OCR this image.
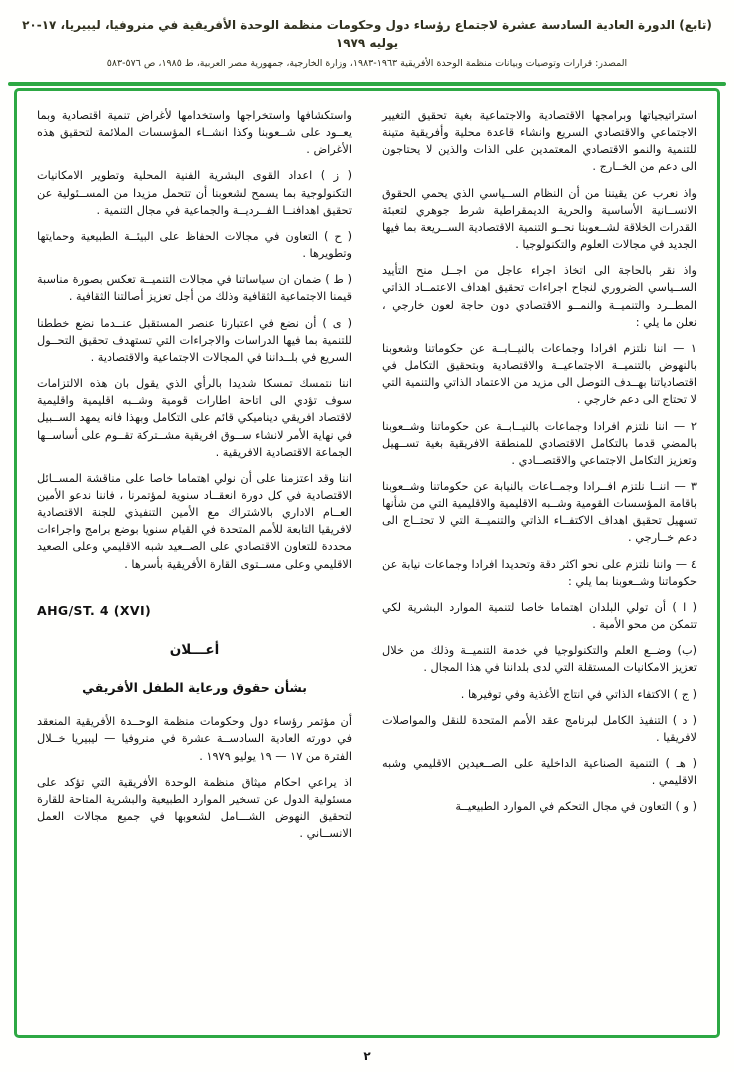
(تابع) الدورة العادية السادسة عشرة لاجتماع رؤساء دول وحكومات منظمة الوحدة الأفريقية في منروفيا، ليبيريا، ١٧-٢٠ يوليه ١٩٧٩
المصدر: قرارات وتوصيات وبيانات منظمة الوحدة الأفريقية ١٩٦٣-١٩٨٣، وزارة الخارجية، جمهورية مصر العربية، ط ١٩٨٥، ص ٥٧٦-٥٨٣

استراتيجياتها وبرامجها الاقتصادية والاجتماعية بغية تحقيق التغيير الاجتماعي والاقتصادي السريع وانشاء قاعدة محلية وأفريقية متينة للتنمية والنمو الاقتصادي المعتمدين على الذات والذين لا يحتاجون الى دعم من الخــارج .

واذ نعرب عن يقيننا من أن النظام الســياسي الذي يحمي الحقوق الانســانية الأساسية والحرية الديمقراطية شرط جوهري لتعبئة القدرات الخلاقة لشــعوبنا نحــو التنمية الاقتصادية الســريعة بما فيها الجديد في مجالات العلوم والتكنولوجيا .

واذ نقر بالحاجة الى اتخاذ اجراء عاجل من اجــل منح التأييد الســياسي الضروري لنجاح اجراءات تحقيق اهداف الاعتمــاد الذاتي المطــرد والتنميــة والنمــو الاقتصادي دون حاجة لعون خارجي ، نعلن ما يلي :

١ — اننا نلتزم افرادا وجماعات بالنيــابــة عن حكوماتنا وشعوبنا بالنهوض بالتنميــة الاجتماعيــة والاقتصادية وبتحقيق التكامل في اقتصادياتنا بهــدف التوصل الى مزيد من الاعتماد الذاتي والتنمية التي لا تحتاج الى دعم خارجي .

٢ — اننا نلتزم افرادا وجماعات بالنيــابــة عن حكوماتنا وشــعوبنا بالمضي قدما بالتكامل الاقتصادي للمنطقة الافريقية بغية تســهيل وتعزيز التكامل الاجتماعي والاقتصــادي .

٣ — اننــا نلتزم افــرادا وجمــاعات بالنيابة عن حكوماتنا وشــعوبنا باقامة المؤسسات القومية وشــبه الاقليمية والاقليمية التي من شأنها تسهيل تحقيق اهداف الاكتفــاء الذاتي والتنميــة التي لا تحتــاج الى دعم خــارجي .

٤ — واننا نلتزم على نحو اكثر دقة وتحديدا افرادا وجماعات نيابة عن حكوماتنا وشــعوبنا بما يلي :

( ا ) أن تولي البلدان اهتماما خاصا لتنمية الموارد البشرية لكي تتمكن من محو الأمية .

(ب) وضــع العلم والتكنولوجيا في خدمة التنميــة وذلك من خلال تعزيز الامكانيات المستقلة التي لدى بلداننا في هذا المجال .

( ج ) الاكتفاء الذاتي في انتاج الأغذية وفي توفيرها .

( د ) التنفيذ الكامل لبرنامج عقد الأمم المتحدة للنقل والمواصلات لافريقيا .

( هـ ) التنمية الصناعية الداخلية على الصــعيدين الاقليمي وشبه الاقليمي .

( و ) التعاون في مجال التحكم في الموارد الطبيعيــة

واستكشافها واستخراجها واستخدامها لأغراض تنمية اقتصادية وبما يعــود على شــعوبنا وكذا انشــاء المؤسسات الملائمة لتحقيق هذه الأغراض .

( ز ) اعداد القوى البشرية الفنية المحلية وتطوير الامكانيات التكنولوجية بما يسمح لشعوبنا أن تتحمل مزيدا من المســئولية عن تحقيق اهدافنــا الفــرديــة والجماعية في مجال التنمية .

( ح ) التعاون في مجالات الحفاظ على البيئــة الطبيعية وحمايتها وتطويرها .

( ط ) ضمان ان سياساتنا في مجالات التنميــة تعكس بصورة مناسبة قيمنا الاجتماعية الثقافية وذلك من أجل تعزيز أصالتنا الثقافية .

( ى ) أن نضع في اعتبارنا عنصر المستقبل عنــدما نضع خططنا للتنمية بما فيها الدراسات والاجراءات التي تستهدف تحقيق التحــول السريع في بلــداننا في المجالات الاجتماعية والاقتصادية .

اننا نتمسك تمسكا شديدا بالرأي الذي يقول بان هذه الالتزامات سوف تؤدي الى اتاحة اطارات قومية وشــبه اقليمية واقليمية لاقتصاد افريقي ديناميكي قائم على التكامل وبهذا فانه يمهد الســبيل في نهاية الأمر لانشاء ســوق افريقية مشــتركة تقــوم على أساســها الجماعة الاقتصادية الافريقية .

اننا وقد اعتزمنا على أن نولي اهتماما خاصا على مناقشة المســائل الاقتصادية في كل دورة انعقــاد سنوية لمؤتمرنا ، فاننا ندعو الأمين العــام الاداري بالاشتراك مع الأمين التنفيذي للجنة الاقتصادية لافريقيا التابعة للأمم المتحدة في القيام سنويا بوضع برامج واجراءات محددة للتعاون الاقتصادي على الصــعيد شبه الاقليمي وعلى الصعيد الاقليمي وعلى مســتوى القارة الأفريقية بأسرها .

AHG/ST. 4 (XVI)
أعـــلان
بشأن حقوق ورعاية الطفل الأفريقي

أن مؤتمر رؤساء دول وحكومات منظمة الوحــدة الأفريقية المنعقد في دورته العادية السادســة عشرة في منروفيا — ليبيريا خــلال الفترة من ١٧ — ١٩ يوليو ١٩٧٩ .

اذ يراعي احكام ميثاق منظمة الوحدة الأفريقية التي تؤكد على مسئولية الدول عن تسخير الموارد الطبيعية والبشرية المتاحة للقارة لتحقيق النهوض الشـــامل لشعوبها في جميع مجالات العمل الانســاني .

٢
